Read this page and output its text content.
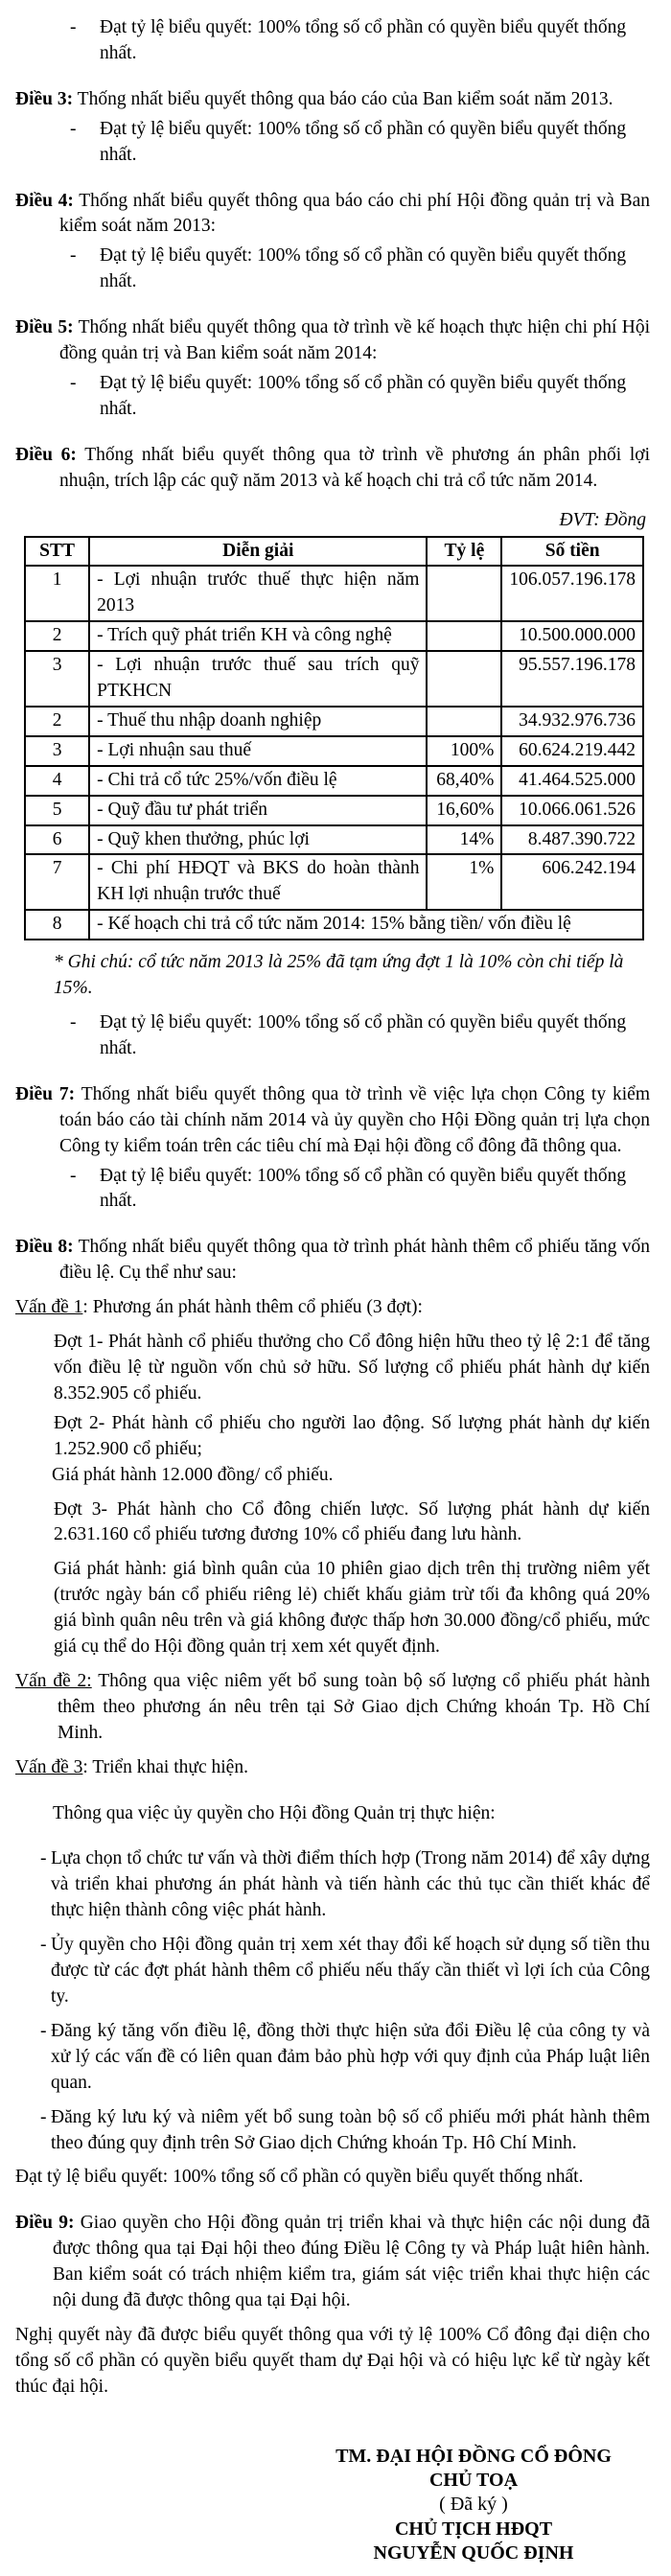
- Đạt tỷ lệ biểu quyết: 100% tổng số cổ phần có quyền biểu quyết thống nhất.
Điều 3: Thống nhất biểu quyết thông qua báo cáo của Ban kiểm soát năm 2013.
- Đạt tỷ lệ biểu quyết: 100% tổng số cổ phần có quyền biểu quyết thống nhất.
Điều 4: Thống nhất biểu quyết thông qua báo cáo chi phí Hội đồng quản trị và Ban kiểm soát năm 2013:
- Đạt tỷ lệ biểu quyết: 100% tổng số cổ phần có quyền biểu quyết thống nhất.
Điều 5: Thống nhất biểu quyết thông qua tờ trình về kế hoạch thực hiện chi phí Hội đồng quản trị và Ban kiểm soát năm 2014:
- Đạt tỷ lệ biểu quyết: 100% tổng số cổ phần có quyền biểu quyết thống nhất.
Điều 6: Thống nhất biểu quyết thông qua tờ trình về phương án phân phối lợi nhuận, trích lập các quỹ năm 2013 và kế hoạch chi trả cổ tức năm 2014.
ĐVT: Đồng
STT	Diễn giải	Tỷ lệ	Số tiền
1	- Lợi nhuận trước thuế thực hiện năm 2013		106.057.196.178
2	- Trích quỹ phát triển KH và công nghệ		10.500.000.000
3	- Lợi nhuận trước thuế sau trích quỹ PTKHCN		95.557.196.178
2	- Thuế thu nhập doanh nghiệp		34.932.976.736
3	- Lợi nhuận sau thuế	100%	60.624.219.442
4	- Chi trả cổ tức 25%/vốn điều lệ	68,40%	41.464.525.000
5	- Quỹ đầu tư phát triển	16,60%	10.066.061.526
6	- Quỹ khen thưởng, phúc lợi	14%	8.487.390.722
7	- Chi phí HĐQT và BKS do hoàn thành KH lợi nhuận trước thuế	1%	606.242.194
8	- Kế hoạch chi trả cổ tức năm 2014: 15% bằng tiền/ vốn điều lệ		
* Ghi chú: cổ tức năm 2013 là 25% đã tạm ứng đợt 1 là 10% còn chi tiếp là 15%.
- Đạt tỷ lệ biểu quyết: 100% tổng số cổ phần có quyền biểu quyết thống nhất.
Điều 7: Thống nhất biểu quyết thông qua tờ trình về việc lựa chọn Công ty kiểm toán báo cáo tài chính năm 2014 và ủy quyền cho Hội Đồng quản trị lựa chọn Công ty kiểm toán trên các tiêu chí mà Đại hội đồng cổ đông đã thông qua.
- Đạt tỷ lệ biểu quyết: 100% tổng số cổ phần có quyền biểu quyết thống nhất.
Điều 8: Thống nhất biểu quyết thông qua tờ trình phát hành thêm cổ phiếu tăng vốn điều lệ. Cụ thể như sau:
Vấn đề 1: Phương án phát hành thêm cổ phiếu (3 đợt):
Đợt 1- Phát hành cổ phiếu thưởng cho Cổ đông hiện hữu theo tỷ lệ 2:1 để tăng vốn điều lệ từ nguồn vốn chủ sở hữu. Số lượng cổ phiếu phát hành dự kiến 8.352.905 cổ phiếu.
Đợt 2- Phát hành cổ phiếu cho người lao động. Số lượng phát hành dự kiến 1.252.900 cổ phiếu;
Giá phát hành 12.000 đồng/ cổ phiếu.
Đợt 3- Phát hành cho Cổ đông chiến lược. Số lượng phát hành dự kiến 2.631.160 cổ phiếu tương đương 10% cổ phiếu đang lưu hành.
Giá phát hành: giá bình quân của 10 phiên giao dịch trên thị trường niêm yết (trước ngày bán cổ phiếu riêng lẻ) chiết khấu giảm trừ tối đa không quá 20% giá bình quân nêu trên và giá không được thấp hơn 30.000 đồng/cổ phiếu, mức giá cụ thể do Hội đồng quản trị xem xét quyết định.
Vấn đề 2: Thông qua việc niêm yết bổ sung toàn bộ số lượng cổ phiếu phát hành thêm theo phương án nêu trên tại Sở Giao dịch Chứng khoán Tp. Hồ Chí Minh.
Vấn đề 3: Triển khai thực hiện.
Thông qua việc ủy quyền cho Hội đồng Quản trị thực hiện:
- Lựa chọn tổ chức tư vấn và thời điểm thích hợp (Trong năm 2014) để xây dựng và triển khai phương án phát hành và tiến hành các thủ tục cần thiết khác để thực hiện thành công việc phát hành.
- Ủy quyền cho Hội đồng quản trị xem xét thay đổi kế hoạch sử dụng số tiền thu được từ các đợt phát hành thêm cổ phiếu nếu thấy cần thiết vì lợi ích của Công ty.
- Đăng ký tăng vốn điều lệ, đồng thời thực hiện sửa đổi Điều lệ của công ty và xử lý các vấn đề có liên quan đảm bảo phù hợp với quy định của Pháp luật liên quan.
- Đăng ký lưu ký và niêm yết bổ sung toàn bộ số cổ phiếu mới phát hành thêm theo đúng quy định trên Sở Giao dịch Chứng khoán Tp. Hô Chí Minh.
Đạt tỷ lệ biểu quyết: 100% tổng số cổ phần có quyền biểu quyết thống nhất.
Điều 9: Giao quyền cho Hội đồng quản trị triển khai và thực hiện các nội dung đã được thông qua tại Đại hội theo đúng Điều lệ Công ty và Pháp luật hiên hành. Ban kiểm soát có trách nhiệm kiểm tra, giám sát việc triển khai thực hiện các nội dung đã được thông qua tại Đại hội.
Nghị quyết này đã được biểu quyết thông qua với tỷ lệ 100% Cổ đông đại diện cho tổng số cổ phần có quyền biểu quyết tham dự Đại hội và có hiệu lực kể từ ngày kết thúc đại hội.
TM. ĐẠI HỘI ĐỒNG CỔ ĐÔNG
CHỦ TOẠ
( Đã ký )
CHỦ TỊCH HĐQT
NGUYỄN QUỐC ĐỊNH
